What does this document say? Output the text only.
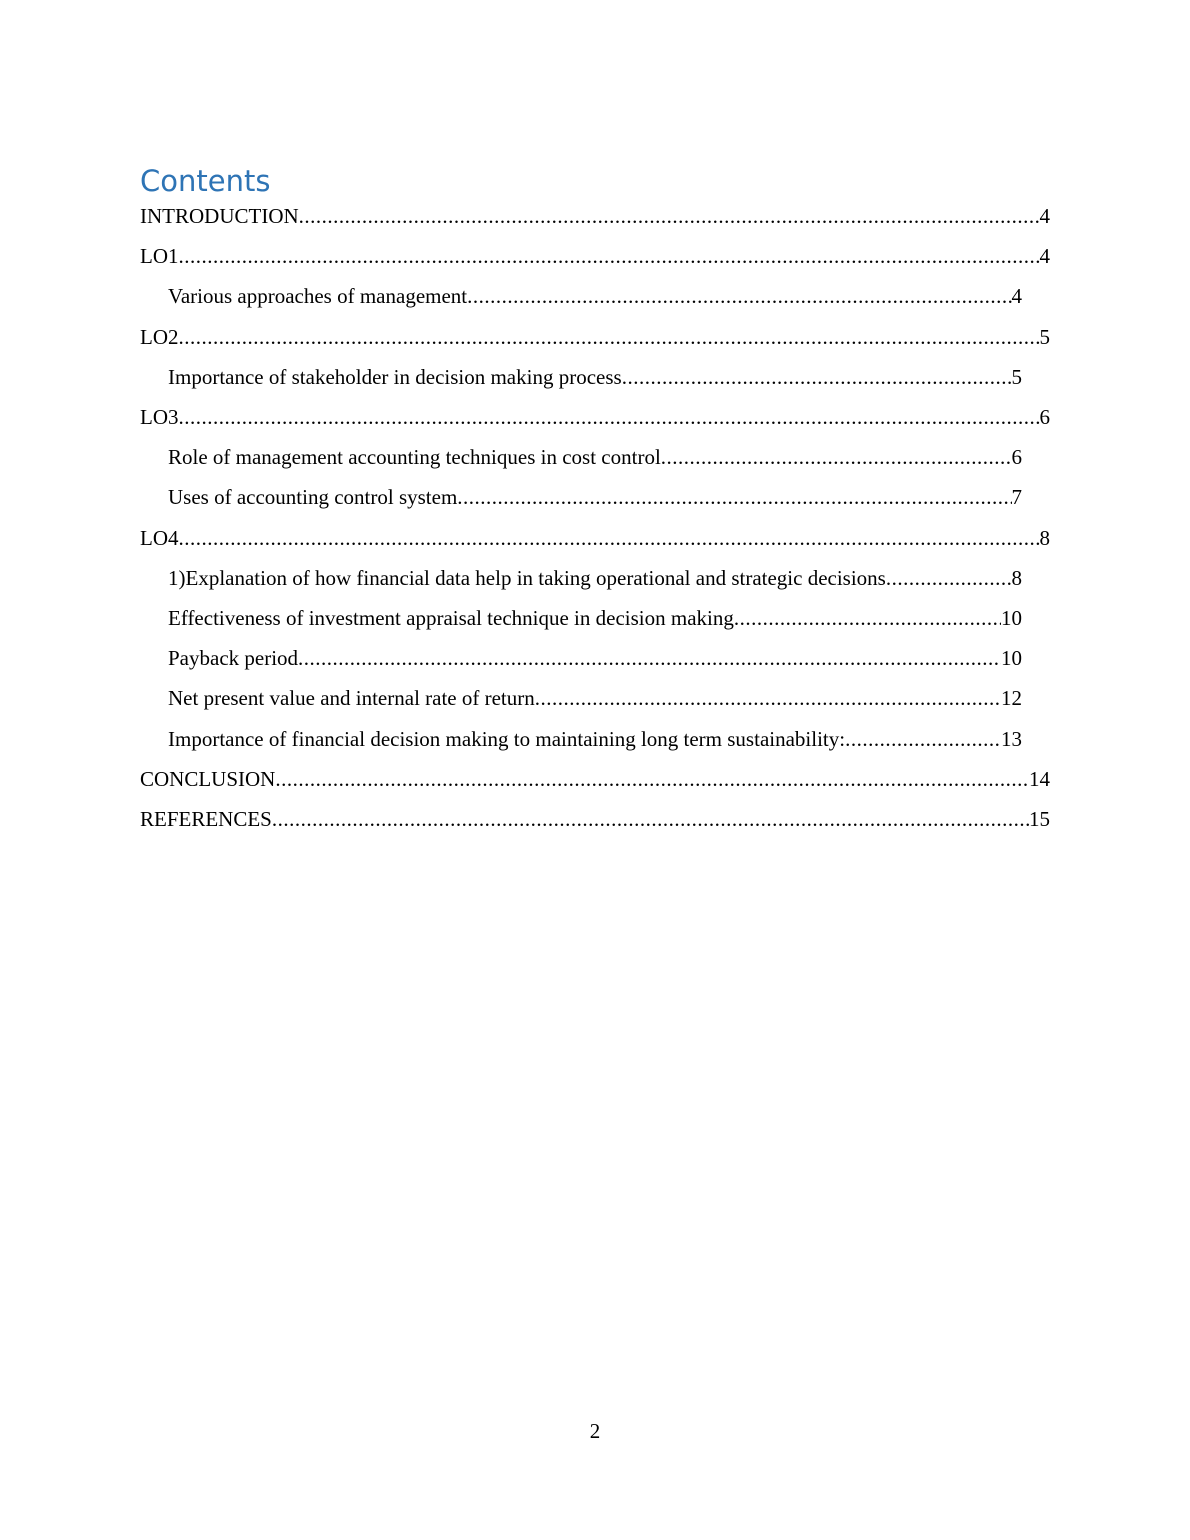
Contents
INTRODUCTION .....	4
LO1 .....	4
Various approaches of management .....	4
LO2 .....	5
Importance of stakeholder in decision making process .....	5
LO3 .....	6
Role of management accounting techniques in cost control .....	6
Uses of accounting control system .....	7
LO4 .....	8
1)Explanation of how financial data help in taking operational and strategic decisions .....	8
Effectiveness of investment appraisal technique in decision making .....	10
Payback period .....	10
Net present value and internal rate of return .....	12
Importance of financial decision making to maintaining long term sustainability: .....	13
CONCLUSION .....	14
REFERENCES .....	15
2
